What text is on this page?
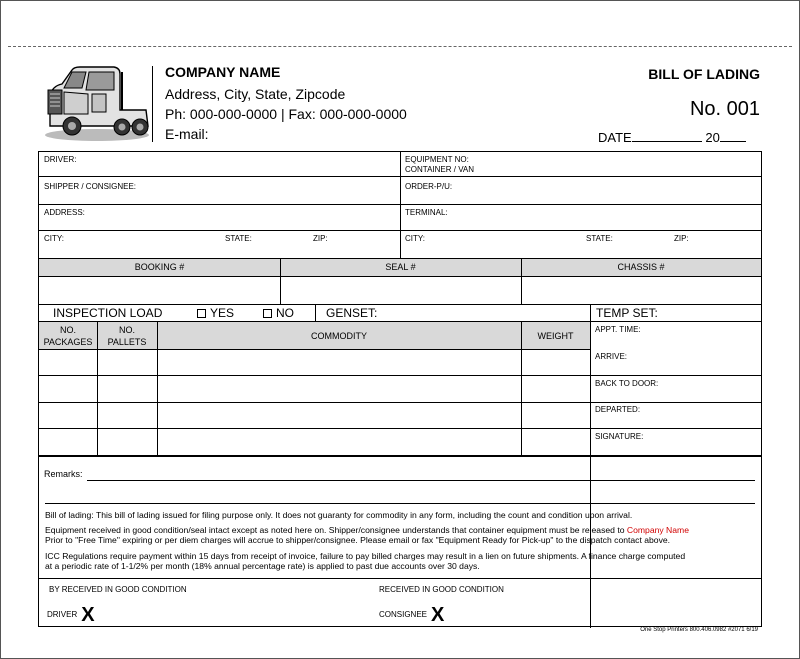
COMPANY NAME
Address, City, State, Zipcode
Ph: 000-000-0000 | Fax: 000-000-0000
E-mail:
BILL OF LADING
No. 001
DATE	20
DRIVER:	EQUIPMENT NO:
CONTAINER / VAN
SHIPPER / CONSIGNEE:	ORDER-P/U:
ADDRESS:	TERMINAL:
CITY:	STATE:	ZIP:	CITY:	STATE:	ZIP:
BOOKING #	SEAL #	CHASSIS #
INSPECTION LOAD	YES	NO	GENSET:	TEMP SET:
NO.
PACKAGES
NO.
PALLETS
COMMODITY	WEIGHT
APPT. TIME:
ARRIVE:
BACK TO DOOR:
DEPARTED:
SIGNATURE:
Remarks:
Bill of lading: This bill of lading issued for filing purpose only. It does not guaranty for commodity in any form, including the count and condition upon arrival.
Equipment received in good condition/seal intact except as noted here on. Shipper/consignee understands that container equipment must be released to Company Name
Prior to "Free Time" expiring or per diem charges will accrue to shipper/consignee. Please email or fax "Equipment Ready for Pick-up" to the dispatch contact above.
ICC Regulations require payment within 15 days from receipt of invoice, failure to pay billed charges may result in a lien on future shipments. A finance charge computed
at a periodic rate of 1-1/2% per month (18% annual percentage rate) is applied to past due accounts over 30 days.
BY RECEIVED IN GOOD CONDITION	RECEIVED IN GOOD CONDITION
DRIVER X	CONSIGNEE X
One Stop Printers 800.406.0982 #2071 6/19
